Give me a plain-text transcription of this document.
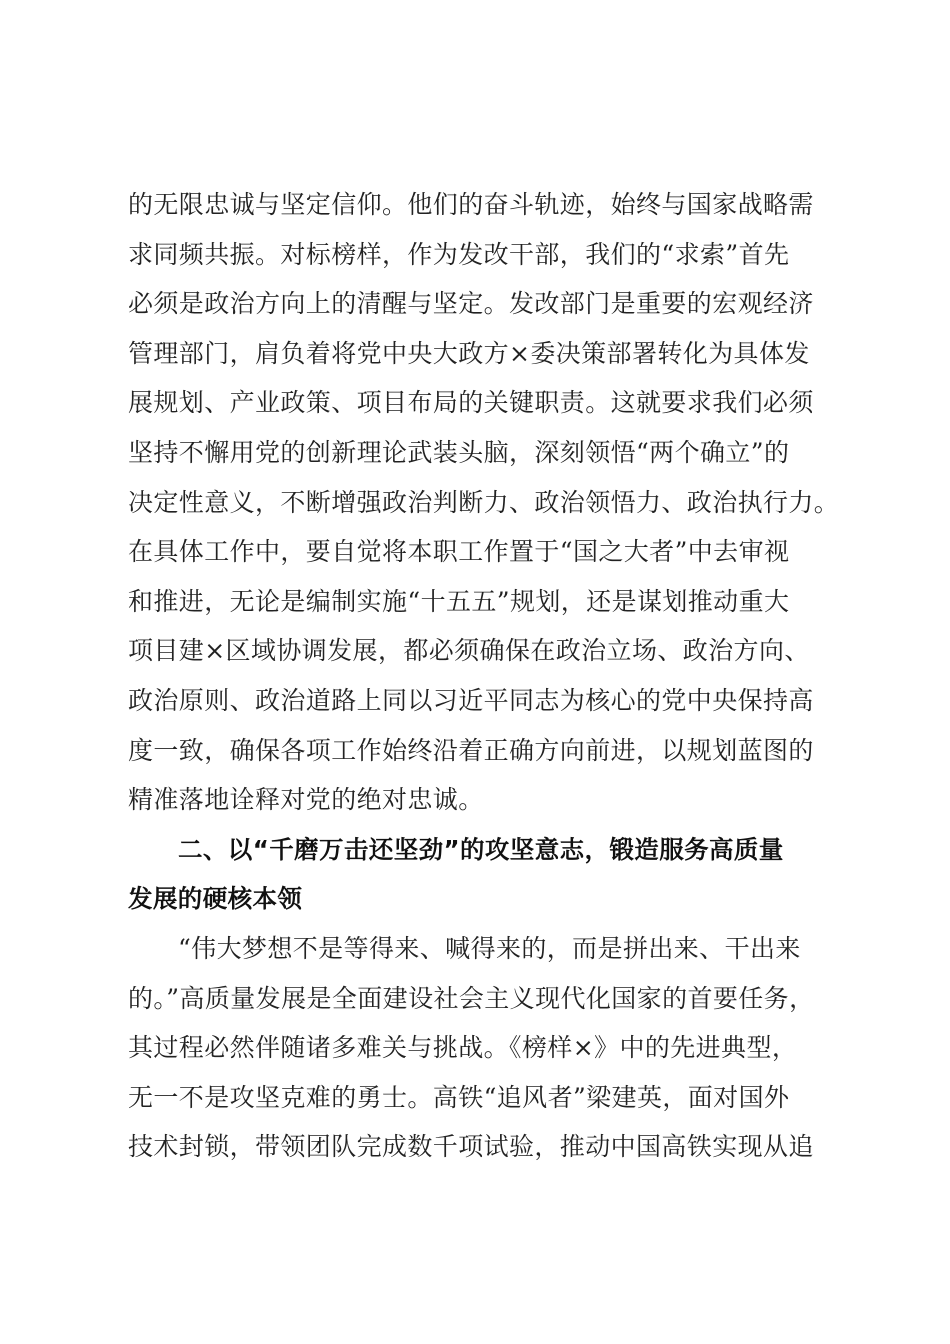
的无限忠诚与坚定信仰。他们的奋斗轨迹，始终与国家战略需
求同频共振。对标榜样，作为发改干部，我们的“求索”首先
必须是政治方向上的清醒与坚定。发改部门是重要的宏观经济
管理部门，肩负着将党中央大政方×委决策部署转化为具体发
展规划、产业政策、项目布局的关键职责。这就要求我们必须
坚持不懈用党的创新理论武装头脑，深刻领悟“两个确立”的
决定性意义，不断增强政治判断力、政治领悟力、政治执行力。
在具体工作中，要自觉将本职工作置于“国之大者”中去审视
和推进，无论是编制实施“十五五”规划，还是谋划推动重大
项目建×区域协调发展，都必须确保在政治立场、政治方向、
政治原则、政治道路上同以习近平同志为核心的党中央保持高
度一致，确保各项工作始终沿着正确方向前进，以规划蓝图的
精准落地诠释对党的绝对忠诚。
二、以“千磨万击还坚劲”的攻坚意志，锻造服务高质量
发展的硬核本领
“伟大梦想不是等得来、喊得来的，而是拼出来、干出来
的。”高质量发展是全面建设社会主义现代化国家的首要任务，
其过程必然伴随诸多难关与挑战。《榜样×》中的先进典型，
无一不是攻坚克难的勇士。高铁“追风者”梁建英，面对国外
技术封锁，带领团队完成数千项试验，推动中国高铁实现从追
